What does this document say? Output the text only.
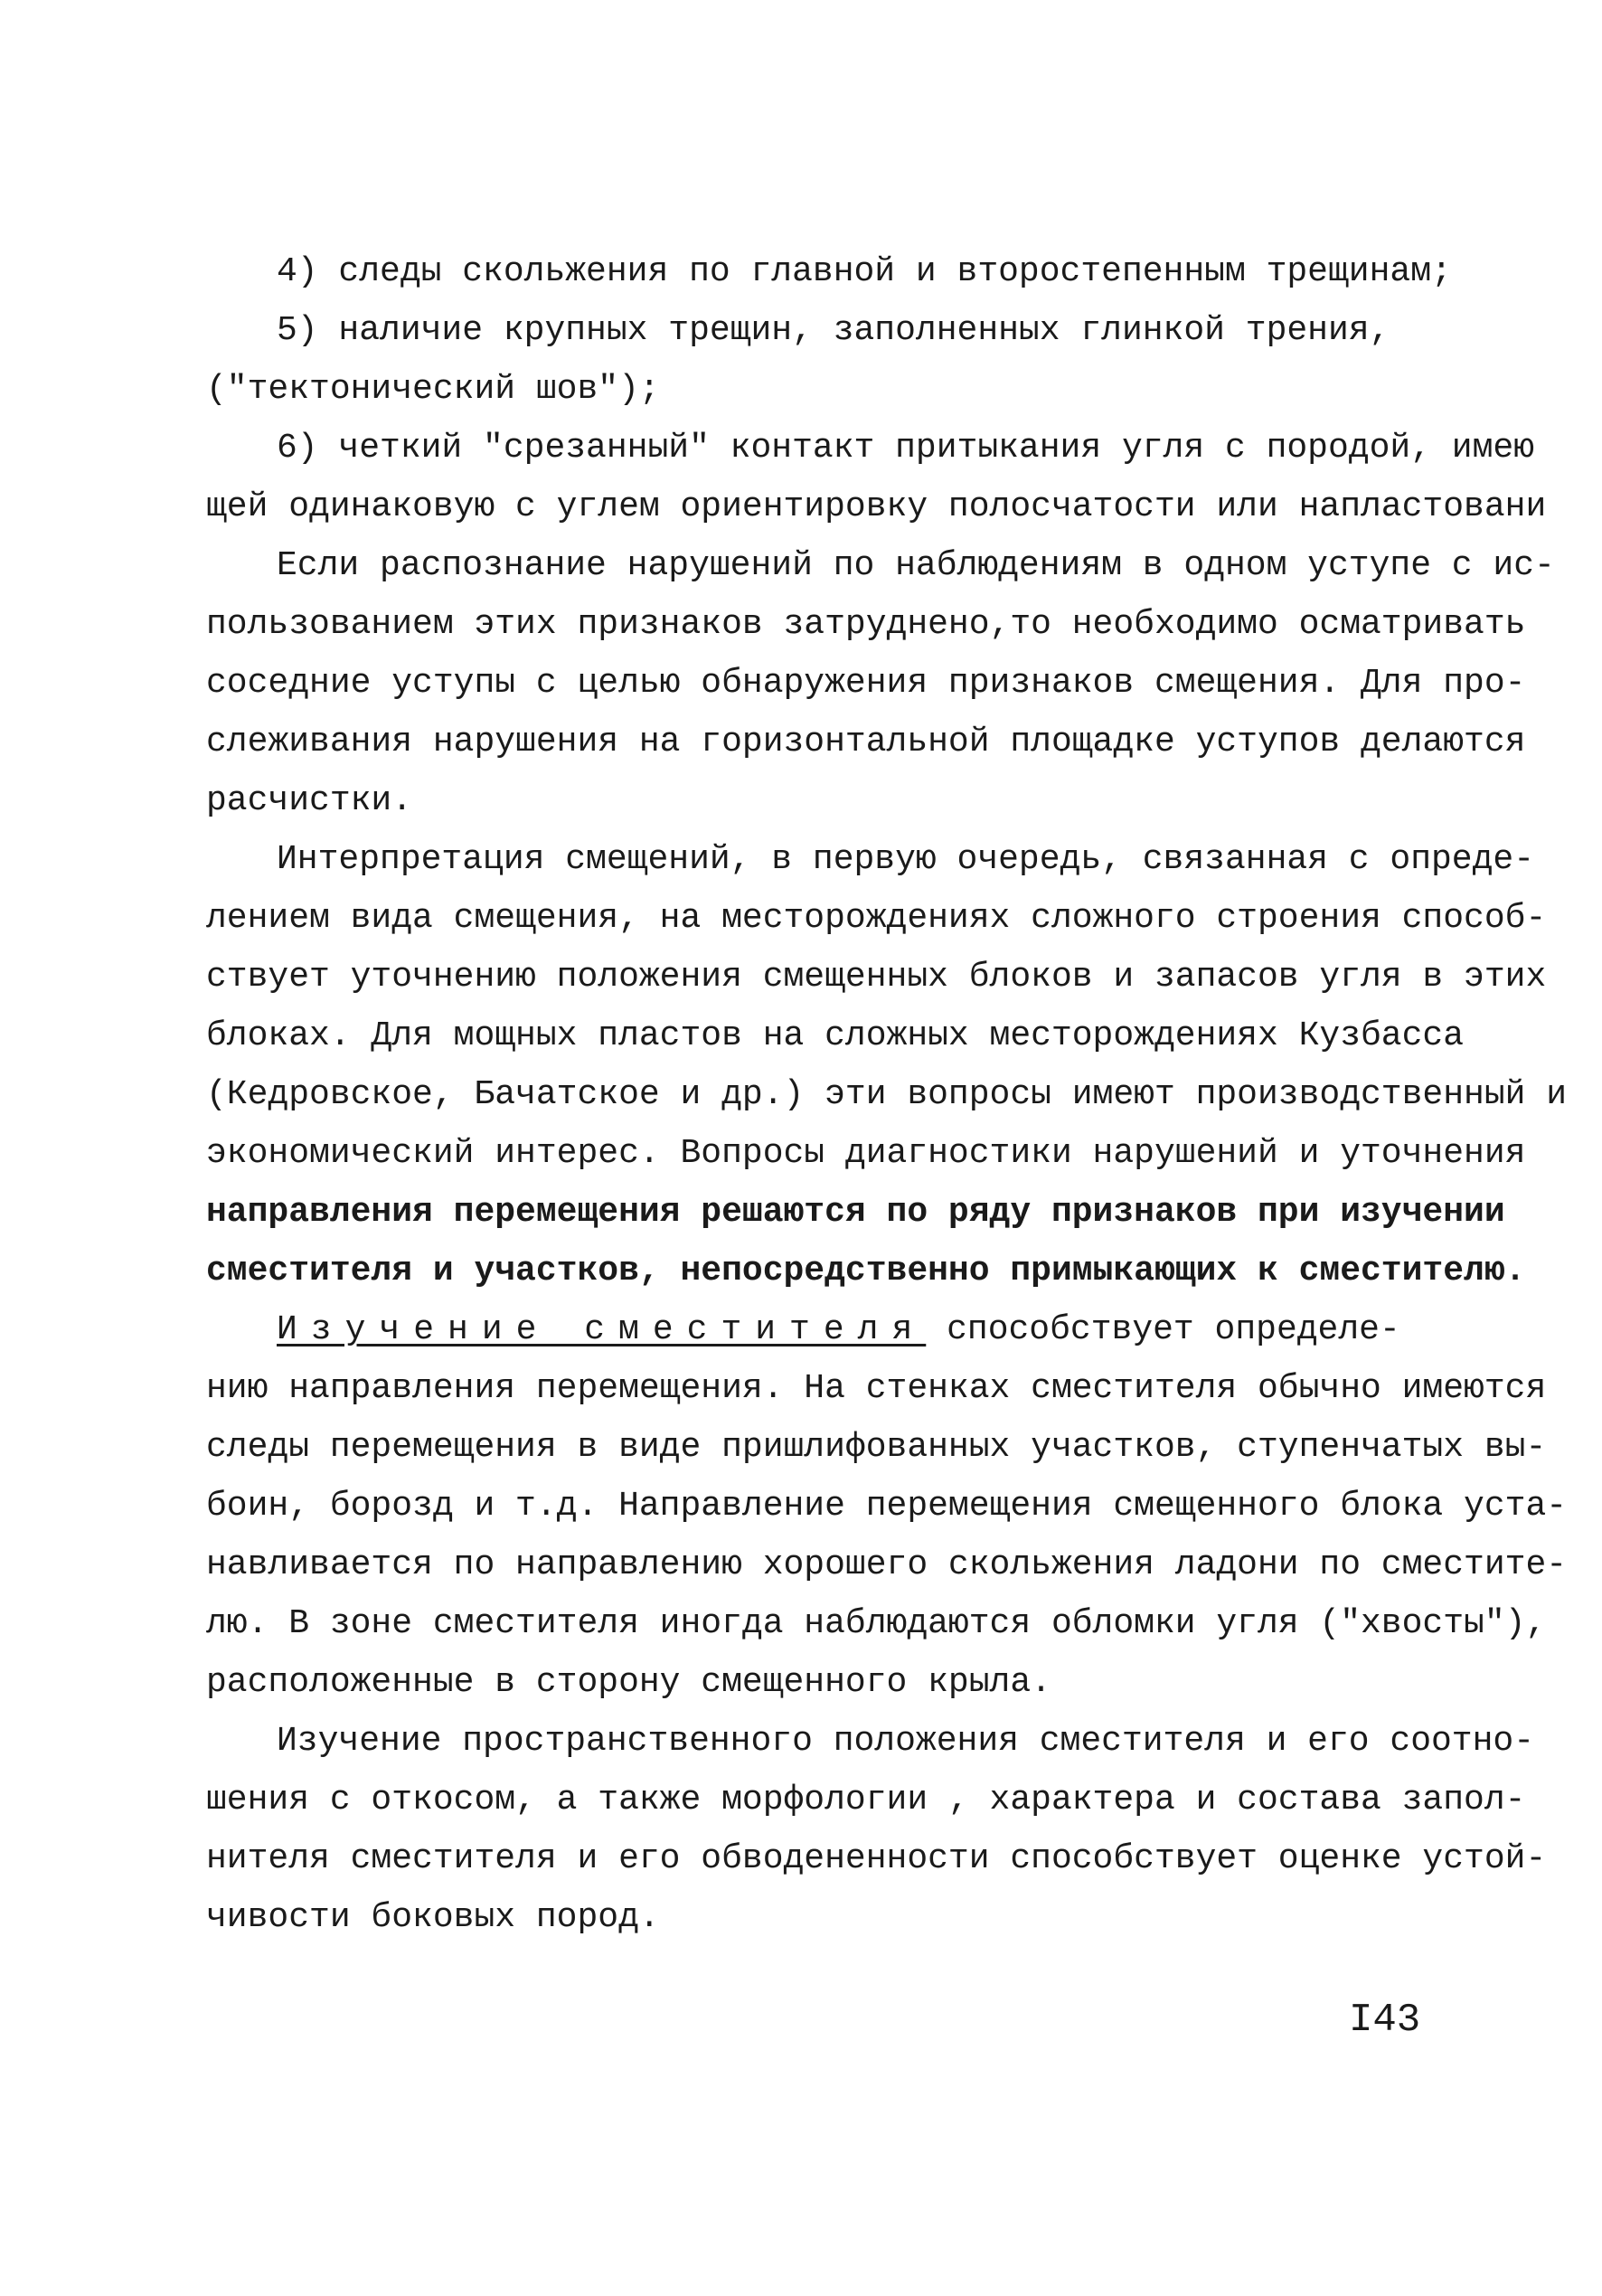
4) следы скольжения по главной и второстепенным трещинам;
5) наличие крупных трещин, заполненных глинкой трения,
("тектонический шов");
6) четкий "срезанный" контакт притыкания угля с породой, имею
щей одинаковую с углем ориентировку полосчатости или напластовани
Если распознание нарушений по наблюдениям в одном уступе с ис-
пользованием этих признаков затруднено,то необходимо осматривать
соседние уступы с целью обнаружения признаков смещения. Для про-
слеживания нарушения на горизонтальной площадке уступов делаются
расчистки.
Интерпретация смещений, в первую очередь, связанная с опреде-
лением вида смещения, на месторождениях сложного строения способ-
ствует уточнению положения смещенных блоков и запасов угля в этих
блоках. Для мощных пластов на сложных месторождениях Кузбасса
(Кедровское, Бачатское и др.) эти вопросы имеют производственный и
экономический интерес. Вопросы диагностики нарушений и уточнения
направления перемещения решаются по ряду признаков при изучении
сместителя и участков, непосредственно примыкающих к сместителю.
Изучение сместителя способствует определе-
нию направления перемещения. На стенках сместителя обычно имеются
следы перемещения в виде пришлифованных участков, ступенчатых вы-
боин, борозд и т.д. Направление перемещения смещенного блока уста-
навливается по направлению хорошего скольжения ладони по сместите-
лю. В зоне сместителя иногда наблюдаются обломки угля ("хвосты"),
расположенные в сторону смещенного крыла.
Изучение пространственного положения сместителя и его соотно-
шения с откосом, а также морфологии , характера и состава запол-
нителя сместителя и его обводененности способствует оценке устой-
чивости боковых пород.
I43
